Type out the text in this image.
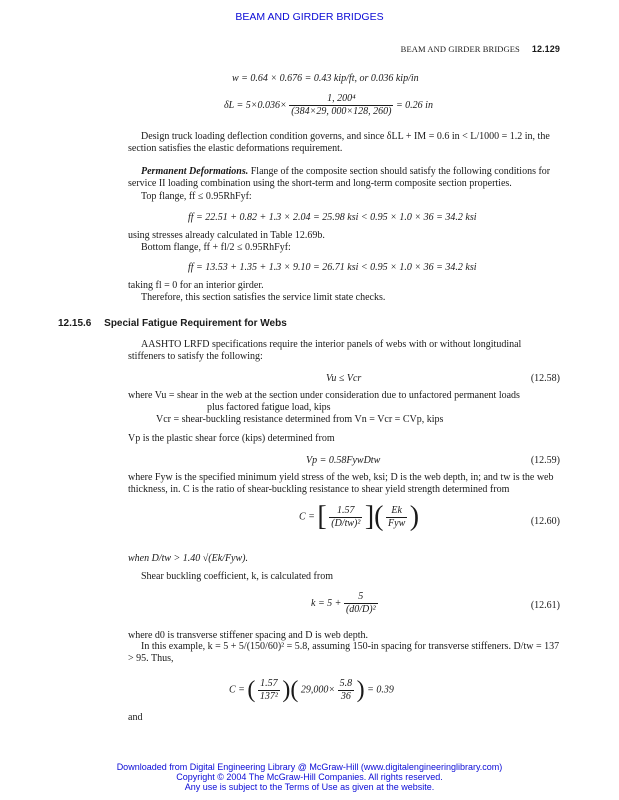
BEAM AND GIRDER BRIDGES
BEAM AND GIRDER BRIDGES 12.129
w = 0.64 × 0.676 = 0.43 kip/ft, or 0.036 kip/in
$\delta L = 5\times 0.036\times \frac{\text{1, 200⁴}}{(384\times 29, 000\times 128, 260)} = 0.26$ in
Design truck loading deflection condition governs, and since δLL + IM = 0.6 in < L/1000 = 1.2 in, the section satisfies the elastic deformations requirement.
Permanent Deformations. Flange of the composite section should satisfy the following conditions for service II loading combination using the short-term and long-term composite section properties.
Top flange, ff ≤ 0.95RhFyf:
ff = 22.51 + 0.82 + 1.3 × 2.04 = 25.98 ksi < 0.95 × 1.0 × 36 = 34.2 ksi
using stresses already calculated in Table 12.69b.
Bottom flange, ff + fl/2 ≤ 0.95RhFyf:
ff = 13.53 + 1.35 + 1.3 × 9.10 = 26.71 ksi < 0.95 × 1.0 × 36 = 34.2 ksi
taking fl = 0 for an interior girder.
Therefore, this section satisfies the service limit state checks.
12.15.6 Special Fatigue Requirement for Webs
AASHTO LRFD specifications require the interior panels of webs with or without longitudinal stiffeners to satisfy the following:
Vu ≤ Vcr	(12.58)
where Vu = shear in the web at the section under consideration due to unfactored permanent loads
plus factored fatigue load, kips
Vcr = shear-buckling resistance determined from Vn = Vcr = CVp, kips
Vp is the plastic shear force (kips) determined from
Vp = 0.58FywDtw	(12.59)
where Fyw is the specified minimum yield stress of the web, ksi; D is the web depth, in; and tw is the web thickness, in. C is the ratio of shear-buckling resistance to shear yield strength determined from
C = [ $\frac{1.57}{\text{(D/tw)²}}$ ]( $\frac{Ek}{\text{Fyw}}$ )	(12.60)
when D/tw > 1.40 √(Ek/Fyw).
Shear buckling coefficient, k, is calculated from
$k = 5 + \frac{5}{\text{(d0/D)²}}$	(12.61)
where d0 is transverse stiffener spacing and D is web depth.
In this example, k = 5 + 5/(150/60)² = 5.8, assuming 150-in spacing for transverse stiffeners. D/tw = 137 > 95. Thus,
C = ( $\frac{1.57}{\text{137²}}$ )( $29,000\times \frac{5.8}{36}$ ) = 0.39
and
Downloaded from Digital Engineering Library @ McGraw-Hill (www.digitalengineeringlibrary.com)
Copyright © 2004 The McGraw-Hill Companies. All rights reserved.
Any use is subject to the Terms of Use as given at the website.
